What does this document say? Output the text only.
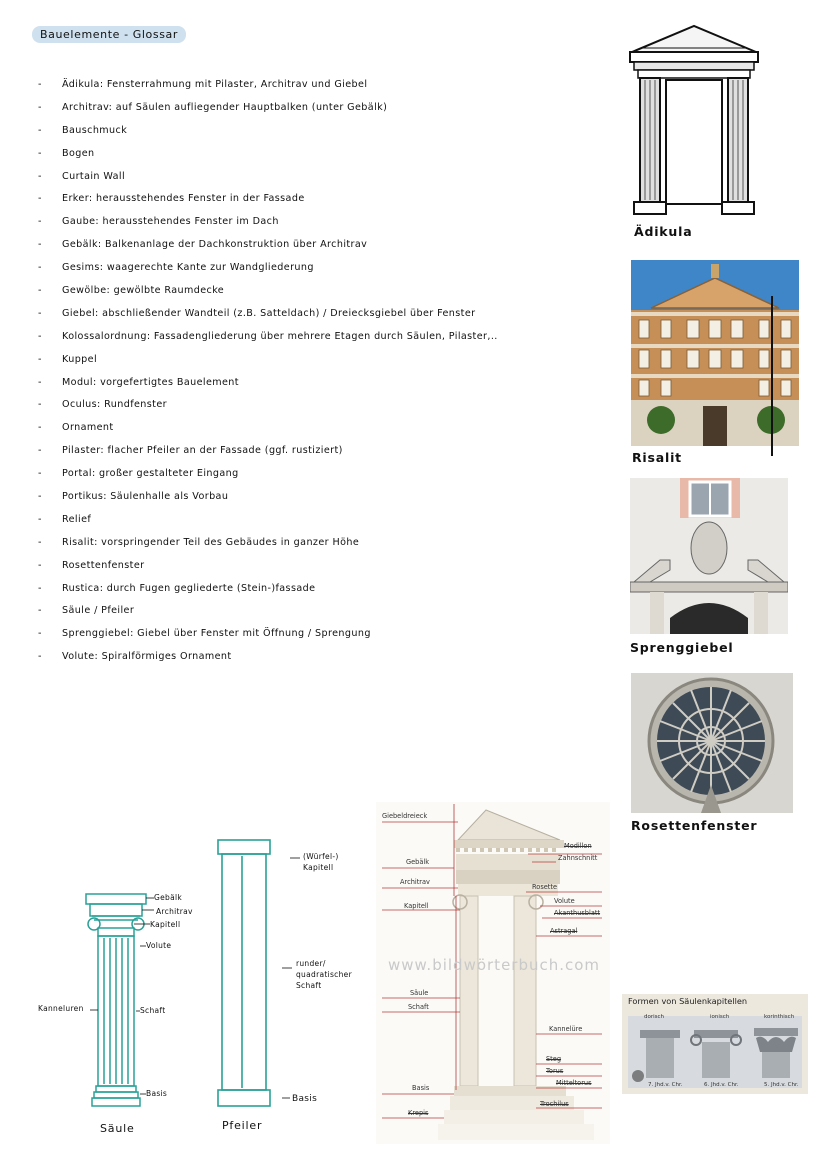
Bauelemente - Glossar
-	Ädikula: Fensterrahmung mit Pilaster, Architrav und Giebel
-	Architrav: auf Säulen aufliegender Hauptbalken (unter Gebälk)
-	Bauschmuck
-	Bogen
-	Curtain Wall
-	Erker: herausstehendes Fenster in der Fassade
-	Gaube: herausstehendes Fenster im Dach
-	Gebälk: Balkenanlage der Dachkonstruktion über Architrav
-	Gesims: waagerechte Kante zur Wandgliederung
-	Gewölbe: gewölbte Raumdecke
-	Giebel: abschließender Wandteil (z.B. Satteldach) / Dreiecksgiebel über Fenster
-	Kolossalordnung: Fassadengliederung über mehrere Etagen durch Säulen, Pilaster,..
-	Kuppel
-	Modul: vorgefertigtes Bauelement
-	Oculus: Rundfenster
-	Ornament
-	Pilaster: flacher Pfeiler an der Fassade (ggf. rustiziert)
-	Portal: großer gestalteter Eingang
-	Portikus: Säulenhalle als Vorbau
-	Relief
-	Risalit: vorspringender Teil des Gebäudes in ganzer Höhe
-	Rosettenfenster
-	Rustica: durch Fugen gegliederte (Stein-)fassade
-	Säule / Pfeiler
-	Sprenggiebel: Giebel über Fenster mit Öffnung / Sprengung
-	Volute: Spiralförmiges Ornament
Ädikula
Risalit
Sprenggiebel
Rosettenfenster
Gebälk
Architrav
Kapitell
Volute
Kanneluren	Schaft
Basis
Säule
(Würfel-) Kapitell
runder/ quadratischer Schaft
Basis
Pfeiler
Giebeldreieck
Gebälk
Architrav
Kapitell
Säule
Schaft
Basis
Krepis
Modillon
Zahnschnitt
Rosette
Volute
Akanthusblatt
Astragal
Kannelüre
Steg
Torus
Mitteltorus
Trochilus
www.bildwörterbuch.com
Formen von Säulenkapitellen
dorisch	ionisch	korinthisch
7. Jhd.v. Chr.	6. Jhd.v. Chr.	5. Jhd.v. Chr.
